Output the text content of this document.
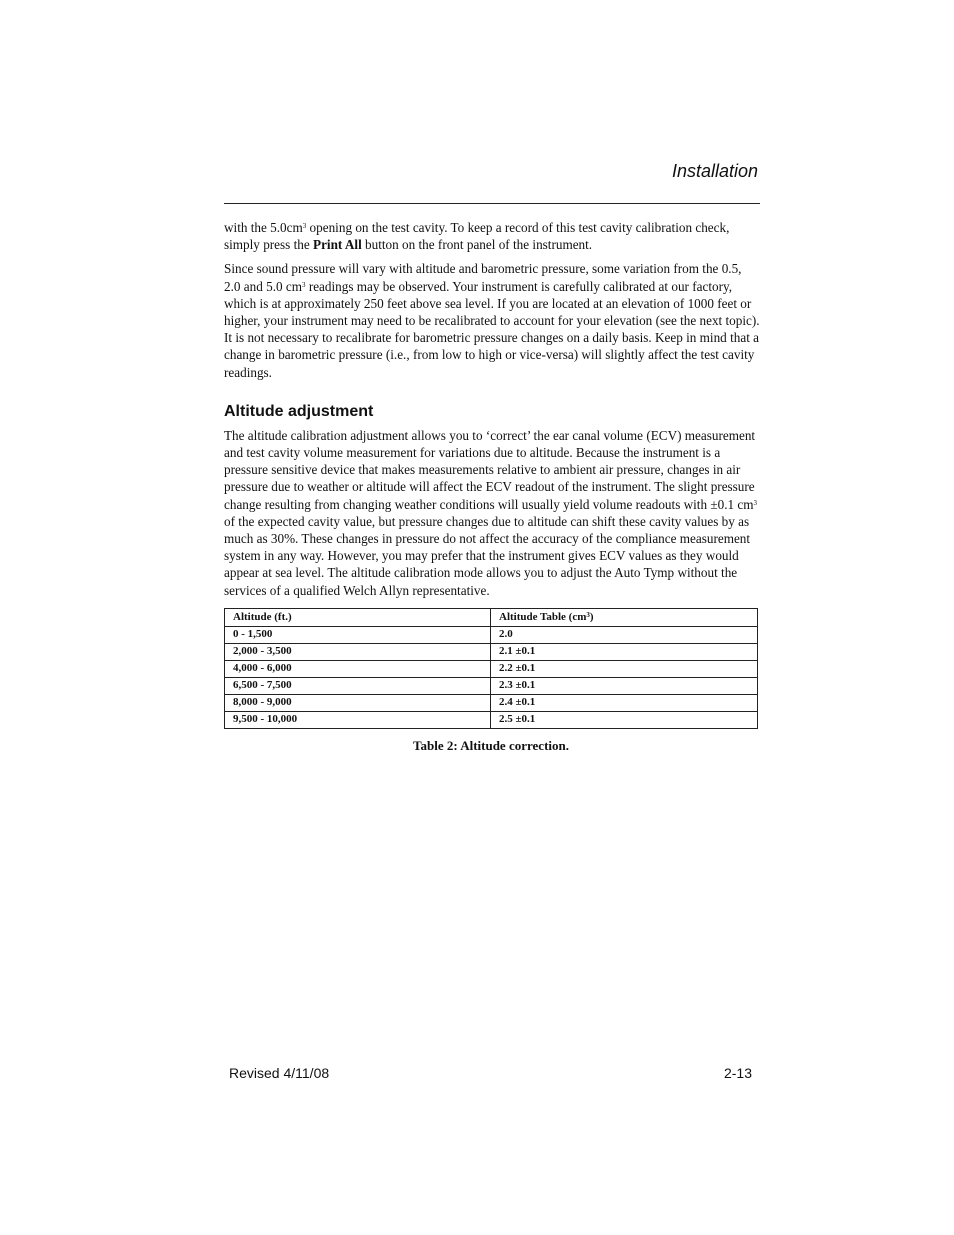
Installation

with the $5.0cm^3$ opening on the test cavity. To keep a record of this test cavity calibration check, simply press the Print All button on the front panel of the instrument.

Since sound pressure will vary with altitude and barometric pressure, some variation from the 0.5, 2.0 and 5.0 $cm^3$ readings may be observed. Your instrument is carefully calibrated at our factory, which is at approximately 250 feet above sea level. If you are located at an elevation of 1000 feet or higher, your instrument may need to be recalibrated to account for your elevation (see the next topic). It is not necessary to recalibrate for barometric pressure changes on a daily basis. Keep in mind that a change in barometric pressure (i.e., from low to high or vice-versa) will slightly affect the test cavity readings.

Altitude adjustment

The altitude calibration adjustment allows you to ‘correct’ the ear canal volume (ECV) measurement and test cavity volume measurement for variations due to altitude. Because the instrument is a pressure sensitive device that makes measurements relative to ambient air pressure, changes in air pressure due to weather or altitude will affect the ECV readout of the instrument. The slight pressure change resulting from changing weather conditions will usually yield volume readouts with ±0.1 $cm^3$ of the expected cavity value, but pressure changes due to altitude can shift these cavity values by as much as 30%. These changes in pressure do not affect the accuracy of the compliance measurement system in any way. However, you may prefer that the instrument gives ECV values as they would appear at sea level. The altitude calibration mode allows you to adjust the Auto Tymp without the services of a qualified Welch Allyn representative.

Altitude (ft.)	Altitude Table $(cm^3)$
0 - 1,500	2.0
2,000 - 3,500	2.1 ±0.1
4,000 - 6,000	2.2 ±0.1
6,500 - 7,500	2.3 ±0.1
8,000 - 9,000	2.4 ±0.1
9,500 - 10,000	2.5 ±0.1
Table 2: Altitude correction.
Revised 4/11/08	2-13
